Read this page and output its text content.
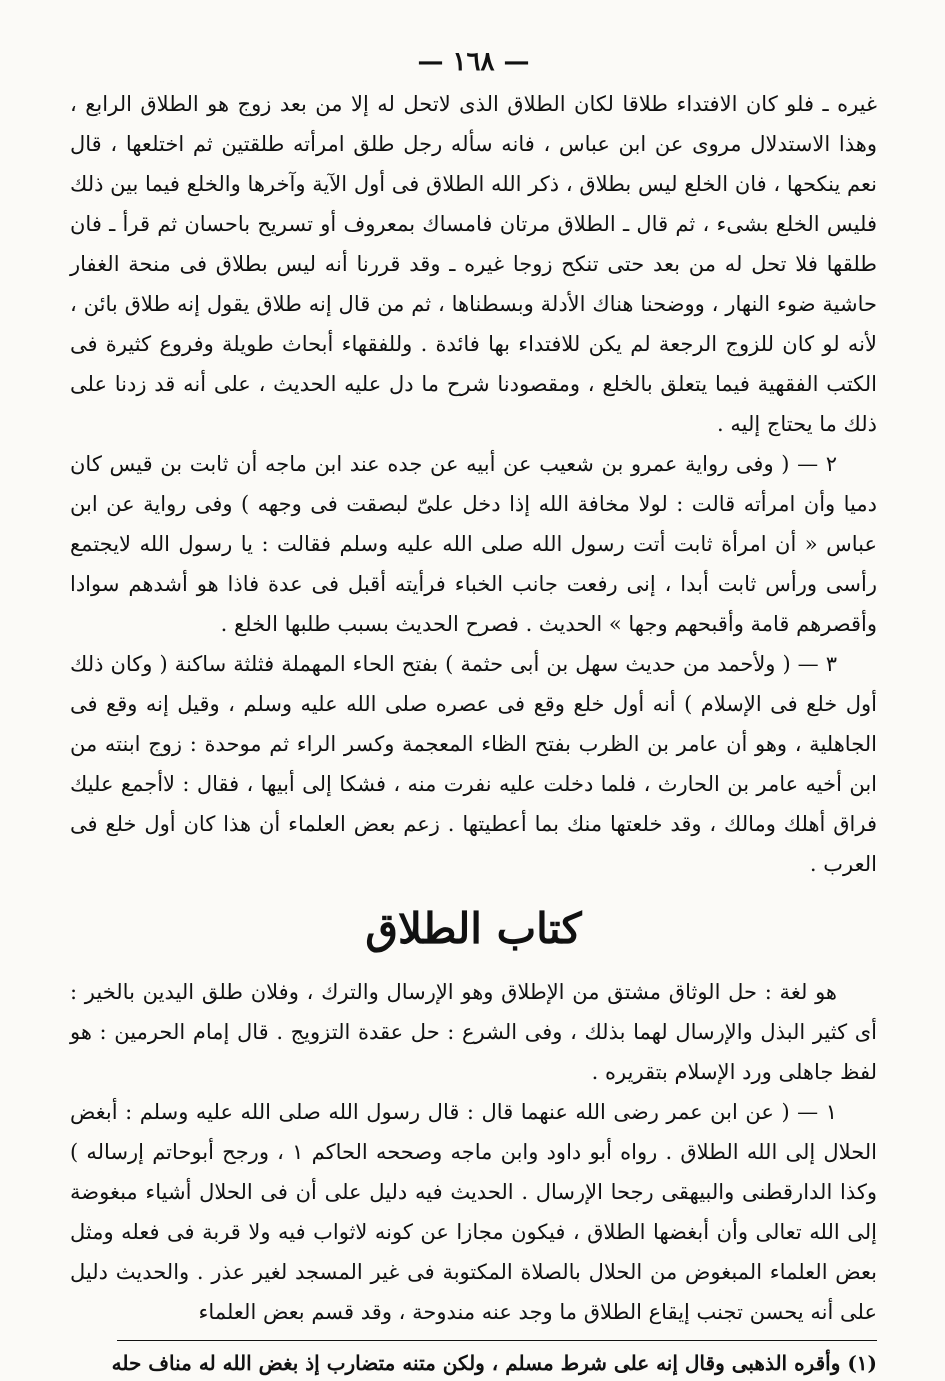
— ١٦٨ —

غيره ـ فلو كان الافتداء طلاقا لكان الطلاق الذى لاتحل له إلا من بعد زوج هو الطلاق الرابع ، وهذا الاستدلال مروى عن ابن عباس ، فانه سأله رجل طلق امرأته طلقتين ثم اختلعها ، قال نعم ينكحها ، فان الخلع ليس بطلاق ، ذكر الله الطلاق فى أول الآية وآخرها والخلع فيما بين ذلك فليس الخلع بشىء ، ثم قال ـ الطلاق مرتان فامساك بمعروف أو تسريح باحسان ثم قرأ ـ فان طلقها فلا تحل له من بعد حتى تنكح زوجا غيره ـ وقد قررنا أنه ليس بطلاق فى منحة الغفار حاشية ضوء النهار ، ووضحنا هناك الأدلة وبسطناها ، ثم من قال إنه طلاق يقول إنه طلاق بائن ، لأنه لو كان للزوج الرجعة لم يكن للافتداء بها فائدة . وللفقهاء أبحاث طويلة وفروع كثيرة فى الكتب الفقهية فيما يتعلق بالخلع ، ومقصودنا شرح ما دل عليه الحديث ، على أنه قد زدنا على ذلك ما يحتاج إليه .

٢ — ( وفى رواية عمرو بن شعيب عن أبيه عن جده عند ابن ماجه أن ثابت بن قيس كان دميا وأن امرأته قالت : لولا مخافة الله إذا دخل علىّ لبصقت فى وجهه ) وفى رواية عن ابن عباس « أن امرأة ثابت أتت رسول الله صلى الله عليه وسلم فقالت : يا رسول الله لايجتمع رأسى ورأس ثابت أبدا ، إنى رفعت جانب الخباء فرأيته أقبل فى عدة فاذا هو أشدهم سوادا وأقصرهم قامة وأقبحهم وجها » الحديث . فصرح الحديث بسبب طلبها الخلع .

٣ — ( ولأحمد من حديث سهل بن أبى حثمة ) بفتح الحاء المهملة فثلثة ساكنة ( وكان ذلك أول خلع فى الإسلام ) أنه أول خلع وقع فى عصره صلى الله عليه وسلم ، وقيل إنه وقع فى الجاهلية ، وهو أن عامر بن الظرب بفتح الظاء المعجمة وكسر الراء ثم موحدة : زوج ابنته من ابن أخيه عامر بن الحارث ، فلما دخلت عليه نفرت منه ، فشكا إلى أبيها ، فقال : لاأجمع عليك فراق أهلك ومالك ، وقد خلعتها منك بما أعطيتها . زعم بعض العلماء أن هذا كان أول خلع فى العرب .

كتاب الطلاق

هو لغة : حل الوثاق مشتق من الإطلاق وهو الإرسال والترك ، وفلان طلق اليدين بالخير : أى كثير البذل والإرسال لهما بذلك ، وفى الشرع : حل عقدة التزويج . قال إمام الحرمين : هو لفظ جاهلى ورد الإسلام بتقريره .

١ — ( عن ابن عمر رضى الله عنهما قال : قال رسول الله صلى الله عليه وسلم : أبغض الحلال إلى الله الطلاق . رواه أبو داود وابن ماجه وصححه الحاكم ١ ، ورجح أبوحاتم إرساله ) وكذا الدارقطنى والبيهقى رجحا الإرسال . الحديث فيه دليل على أن فى الحلال أشياء مبغوضة إلى الله تعالى وأن أبغضها الطلاق ، فيكون مجازا عن كونه لاثواب فيه ولا قربة فى فعله ومثل بعض العلماء المبغوض من الحلال بالصلاة المكتوبة فى غير المسجد لغير عذر . والحديث دليل على أنه يحسن تجنب إيقاع الطلاق ما وجد عنه مندوحة ، وقد قسم بعض العلماء

(١) وأقره الذهبى وقال إنه على شرط مسلم ، ولكن متنه متضارب إذ بغض الله له مناف حله
